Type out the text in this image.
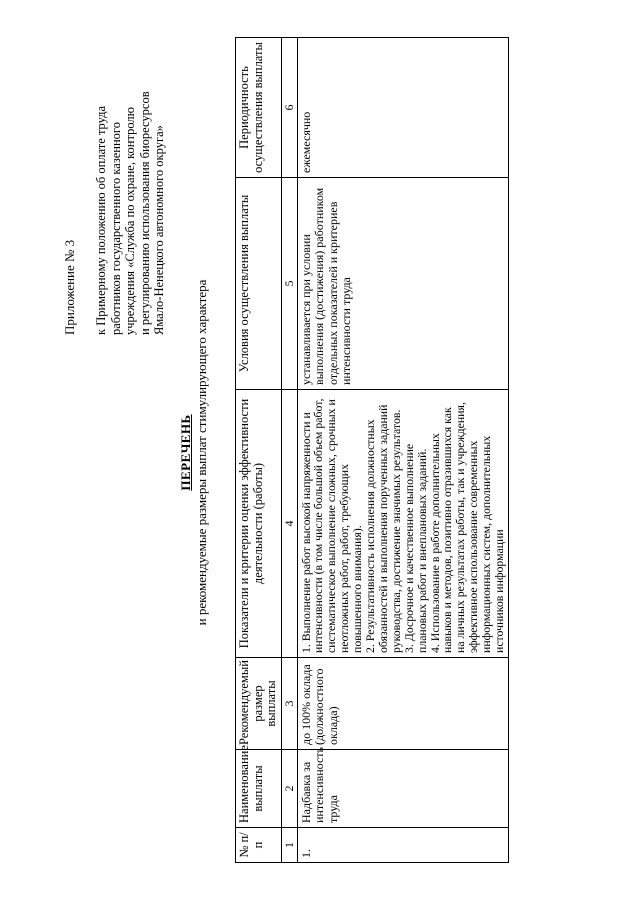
Приложение № 3 к Примерному положению об оплате труда работников государственного казенного учреждения «Служба по охране, контролю и регулированию использования биоресурсов Ямало-Ненецкого автономного округа»
ПЕРЕЧЕНЬ и рекомендуемые размеры выплат стимулирующего характера
№ п/п	Наименование выплаты	Рекомендуемый размер выплаты	Показатели и критерии оценки эффективности деятельности (работы)	Условия осуществления выплаты	Периодичность осуществления выплаты
1	2	3	4	5	6
1.	Надбавка за интенсивность труда	до 100% оклада (должностного оклада)	1. Выполнение работ высокой напряженности и интенсивности (в том числе большой объем работ, систематическое выполнение сложных, срочных и неотложных работ, работ, требующих повышенного внимания).
2. Результативность исполнения должностных обязанностей и выполнения порученных заданий руководства, достижение значимых результатов.
3. Досрочное и качественное выполнение плановых работ и внеплановых заданий.
4. Использование в работе дополнительных навыков и методов, позитивно отразившихся как на личных результатах работы, так и учреждения, эффективное использование современных информационных систем, дополнительных источников информации	устанавливается при условии выполнения (достижения) работником отдельных показателей и критериев интенсивности труда	ежемесячно
